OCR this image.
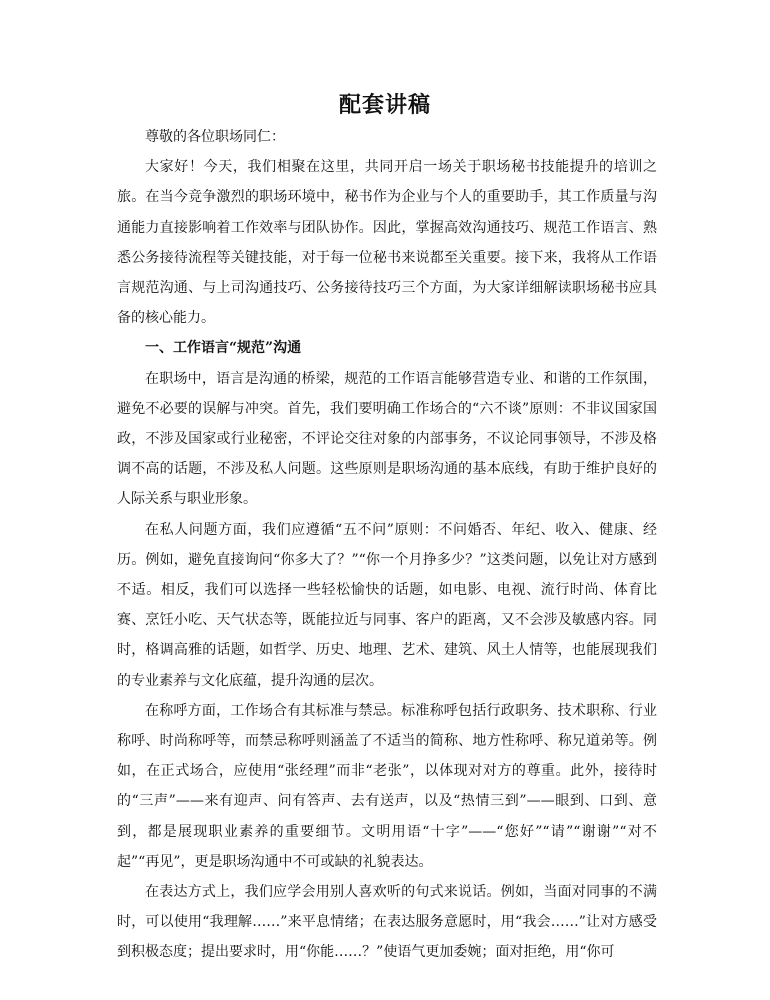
配套讲稿

尊敬的各位职场同仁：

大家好！今天，我们相聚在这里，共同开启一场关于职场秘书技能提升的培训之旅。在当今竞争激烈的职场环境中，秘书作为企业与个人的重要助手，其工作质量与沟通能力直接影响着工作效率与团队协作。因此，掌握高效沟通技巧、规范工作语言、熟悉公务接待流程等关键技能，对于每一位秘书来说都至关重要。接下来，我将从工作语言规范沟通、与上司沟通技巧、公务接待技巧三个方面，为大家详细解读职场秘书应具备的核心能力。

一、工作语言“规范”沟通

在职场中，语言是沟通的桥梁，规范的工作语言能够营造专业、和谐的工作氛围，避免不必要的误解与冲突。首先，我们要明确工作场合的“六不谈”原则：不非议国家国政，不涉及国家或行业秘密，不评论交往对象的内部事务，不议论同事领导，不涉及格调不高的话题，不涉及私人问题。这些原则是职场沟通的基本底线，有助于维护良好的人际关系与职业形象。

在私人问题方面，我们应遵循“五不问”原则：不问婚否、年纪、收入、健康、经历。例如，避免直接询问“你多大了？”“你一个月挣多少？”这类问题，以免让对方感到不适。相反，我们可以选择一些轻松愉快的话题，如电影、电视、流行时尚、体育比赛、烹饪小吃、天气状态等，既能拉近与同事、客户的距离，又不会涉及敏感内容。同时，格调高雅的话题，如哲学、历史、地理、艺术、建筑、风土人情等，也能展现我们的专业素养与文化底蕴，提升沟通的层次。

在称呼方面，工作场合有其标准与禁忌。标准称呼包括行政职务、技术职称、行业称呼、时尚称呼等，而禁忌称呼则涵盖了不适当的简称、地方性称呼、称兄道弟等。例如，在正式场合，应使用“张经理”而非“老张”，以体现对对方的尊重。此外，接待时的“三声”——来有迎声、问有答声、去有送声，以及“热情三到”——眼到、口到、意到，都是展现职业素养的重要细节。文明用语“十字”——“您好”“请”“谢谢”“对不起”“再见”，更是职场沟通中不可或缺的礼貌表达。

在表达方式上，我们应学会用别人喜欢听的句式来说话。例如，当面对同事的不满时，可以使用“我理解……”来平息情绪；在表达服务意愿时，用“我会……”让对方感受到积极态度；提出要求时，用“你能……？”使语气更加委婉；面对拒绝，用“你可
